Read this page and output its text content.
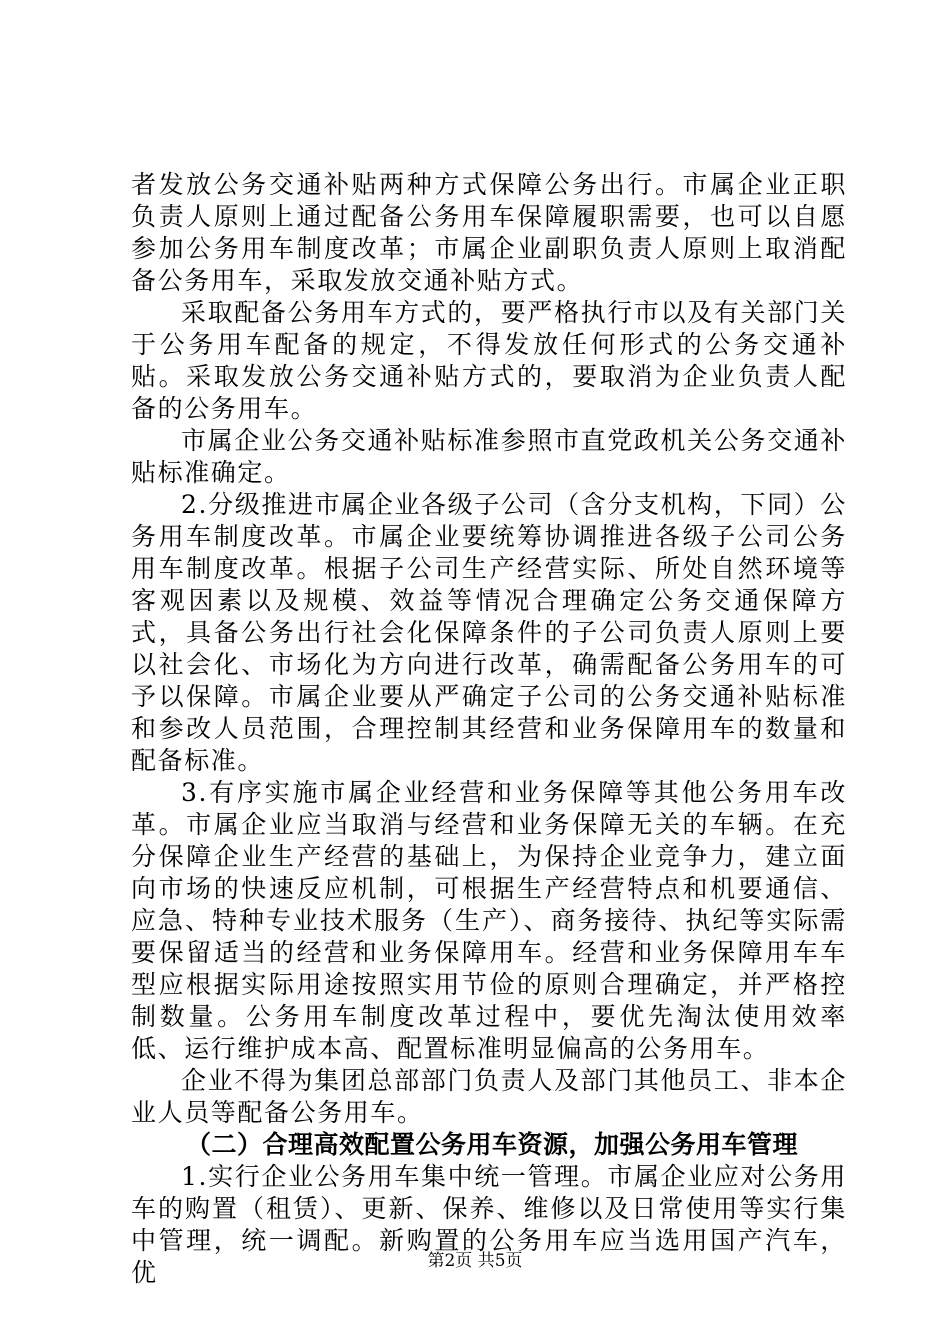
者发放公务交通补贴两种方式保障公务出行。市属企业正职负责人原则上通过配备公务用车保障履职需要，也可以自愿参加公务用车制度改革；市属企业副职负责人原则上取消配备公务用车，采取发放交通补贴方式。

采取配备公务用车方式的，要严格执行市以及有关部门关于公务用车配备的规定，不得发放任何形式的公务交通补贴。采取发放公务交通补贴方式的，要取消为企业负责人配备的公务用车。

市属企业公务交通补贴标准参照市直党政机关公务交通补贴标准确定。

2.分级推进市属企业各级子公司（含分支机构，下同）公务用车制度改革。市属企业要统筹协调推进各级子公司公务用车制度改革。根据子公司生产经营实际、所处自然环境等客观因素以及规模、效益等情况合理确定公务交通保障方式，具备公务出行社会化保障条件的子公司负责人原则上要以社会化、市场化为方向进行改革，确需配备公务用车的可予以保障。市属企业要从严确定子公司的公务交通补贴标准和参改人员范围，合理控制其经营和业务保障用车的数量和配备标准。

3.有序实施市属企业经营和业务保障等其他公务用车改革。市属企业应当取消与经营和业务保障无关的车辆。在充分保障企业生产经营的基础上，为保持企业竞争力，建立面向市场的快速反应机制，可根据生产经营特点和机要通信、应急、特种专业技术服务（生产）、商务接待、执纪等实际需要保留适当的经营和业务保障用车。经营和业务保障用车车型应根据实际用途按照实用节俭的原则合理确定，并严格控制数量。公务用车制度改革过程中，要优先淘汰使用效率低、运行维护成本高、配置标准明显偏高的公务用车。

企业不得为集团总部部门负责人及部门其他员工、非本企业人员等配备公务用车。

（二）合理高效配置公务用车资源，加强公务用车管理

1.实行企业公务用车集中统一管理。市属企业应对公务用车的购置（租赁）、更新、保养、维修以及日常使用等实行集中管理，统一调配。新购置的公务用车应当选用国产汽车，优	第2页 共5页
